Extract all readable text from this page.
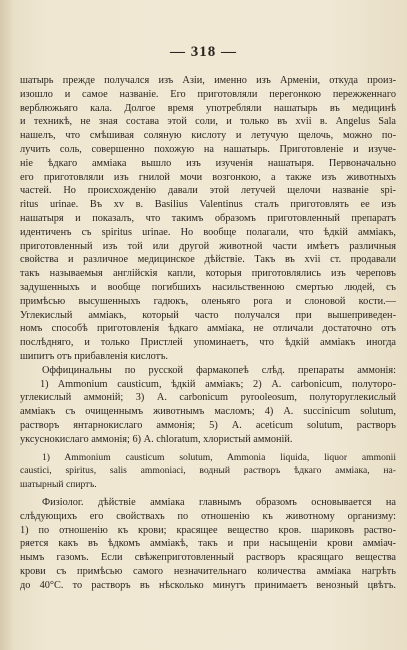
— 318 —
шатырь прежде получался изъ Азіи, именно изъ Арменіи, откуда произ-
изошло и самое названіе. Его приготовляли перегонкою пережженнаго
верблюжьяго кала. Долгое время употребляли нашатырь въ медицинѣ
и техникѣ, не зная состава этой соли, и только въ xvii в. Angelus Sala
нашелъ, что смѣшивая соляную кислоту и летучую щелочь, можно по-
лучить соль, совершенно похожую на нашатырь. Приготовленіе и изуче-
ніе ѣдкаго амміака вышло изъ изученія нашатыря. Первоначально
его приготовляли изъ гнилой мочи возгонкою, а также изъ животныхъ
частей. Но происхожденію давали этой летучей щелочи названіе spi-
ritus urinae. Въ xv в. Basilius Valentinus сталъ приготовлять ее изъ
нашатыря и показалъ, что такимъ образомъ приготовленный препаратъ
идентиченъ съ spiritus urinae. Но вообще полагали, что ѣдкій амміакъ,
приготовленный изъ той или другой животной части имѣетъ различныя
свойства и различное медицинское дѣйствіе. Такъ въ xvii ст. продавали
такъ называемыя англійскія капли, которыя приготовлялись изъ череповъ
задушенныхъ и вообще погибшихъ насильственною смертью людей, съ
примѣсью высушенныхъ гадюкъ, оленьяго рога и слоновой кости.—
Углекислый амміакъ, который часто получался при вышеприведен-
номъ способѣ приготовленія ѣдкаго амміака, не отличали достаточно отъ
послѣдняго, и только Пристлей упоминаетъ, что ѣдкій амміакъ иногда
шипитъ отъ прибавленія кислотъ.
Оффицинальны по русской фармакопеѣ слѣд. препараты аммонія:
1) Ammonium causticum, ѣдкій амміакъ; 2) A. carbonicum, полуторо-
углекислый аммоній; 3) A. carbonicum pyrooleosum, полуторуглекислый
амміакъ съ очищеннымъ животнымъ масломъ; 4) A. succinicum solutum,
растворъ янтарнокислаго аммонія; 5) A. aceticum solutum, растворъ
уксуснокислаго аммонія; 6) A. chloratum, хлористый аммоній.
1) Ammonium causticum solutum, Ammonia liquida, liquor ammonii
caustici, spiritus, salis ammoniaci, водный растворъ ѣдкаго амміака, на-
шатырный спиртъ.
Физіолог. дѣйствіе амміака главнымъ образомъ основывается на
слѣдующихъ его свойствахъ по отношенію къ животному организму:
1) по отношенію къ крови; красящее вещество кров. шариковъ раство-
ряется какъ въ ѣдкомъ амміакѣ, такъ и при насыщеніи крови амміач-
нымъ газомъ. Если свѣжеприготовленный растворъ красящаго вещества
крови съ примѣсью самого незначительнаго количества амміака нагрѣть
до 40°С. то растворъ въ нѣсколько минутъ принимаетъ венозный цвѣтъ.
